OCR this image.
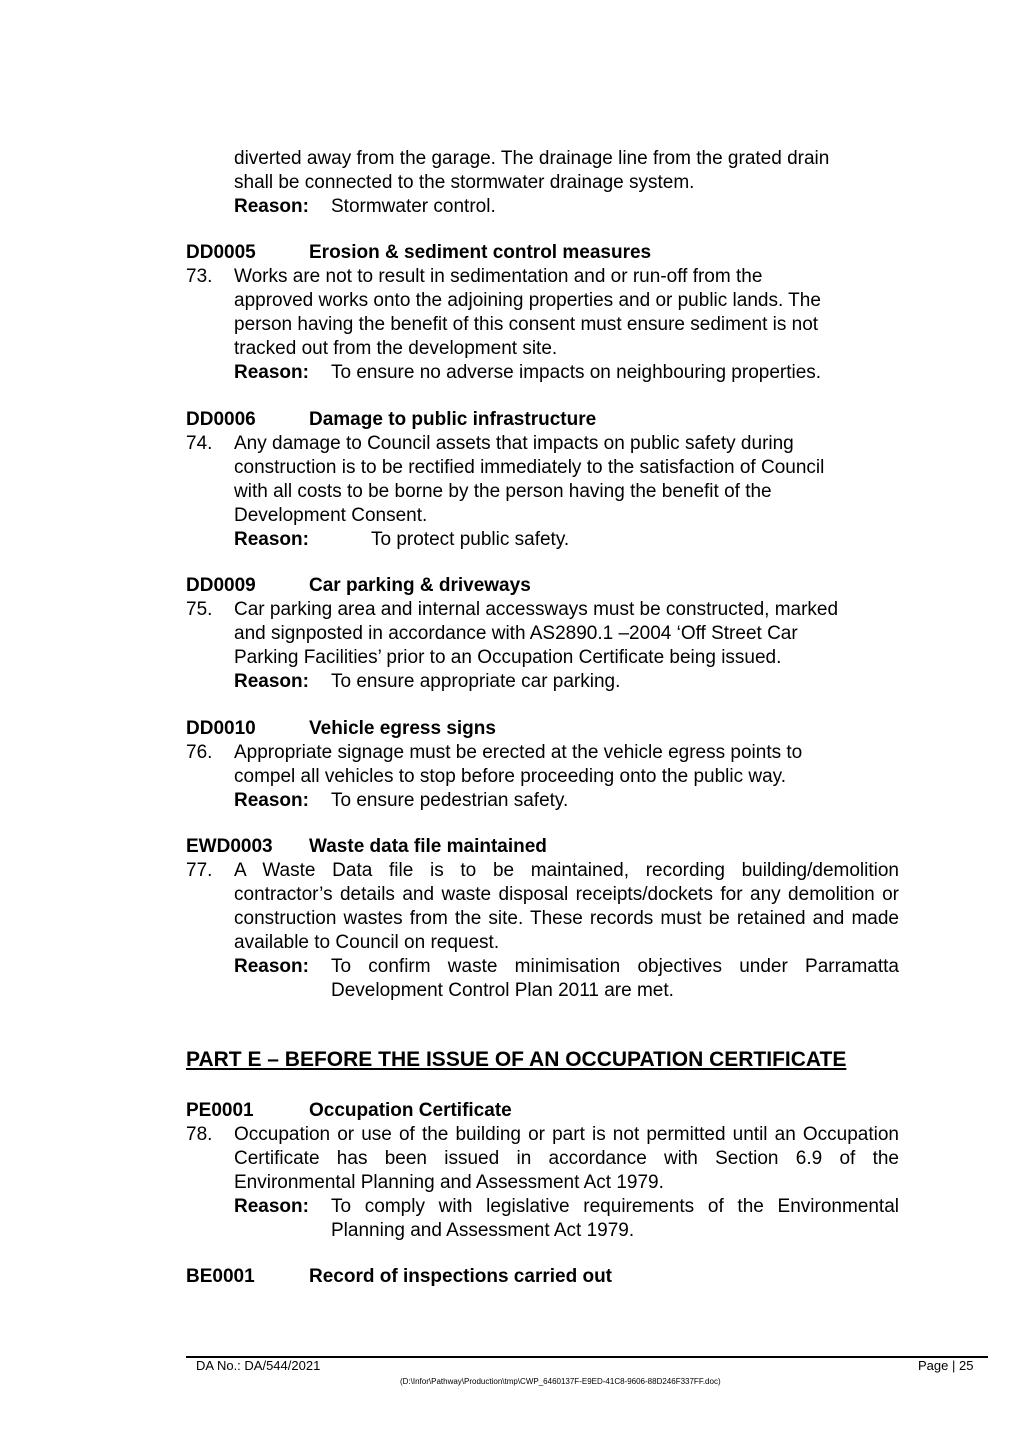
diverted away from the garage. The drainage line from the grated drain
shall be connected to the stormwater drainage system.
Reason: Stormwater control.
DD0005	Erosion & sediment control measures
73. Works are not to result in sedimentation and or run-off from the
approved works onto the adjoining properties and or public lands. The
person having the benefit of this consent must ensure sediment is not
tracked out from the development site.
Reason: To ensure no adverse impacts on neighbouring properties.
DD0006	Damage to public infrastructure
74. Any damage to Council assets that impacts on public safety during
construction is to be rectified immediately to the satisfaction of Council
with all costs to be borne by the person having the benefit of the
Development Consent.
Reason:	To protect public safety.
DD0009	Car parking & driveways
75. Car parking area and internal accessways must be constructed, marked
and signposted in accordance with AS2890.1 –2004 ‘Off Street Car
Parking Facilities’ prior to an Occupation Certificate being issued.
Reason: To ensure appropriate car parking.
DD0010	Vehicle egress signs
76. Appropriate signage must be erected at the vehicle egress points to
compel all vehicles to stop before proceeding onto the public way.
Reason: To ensure pedestrian safety.
EWD0003 Waste data file maintained
77. A Waste Data file is to be maintained, recording building/demolition contractor’s details and waste disposal receipts/dockets for any demolition or construction wastes from the site. These records must be retained and made available to Council on request.
Reason: To confirm waste minimisation objectives under Parramatta Development Control Plan 2011 are met.
PART E – BEFORE THE ISSUE OF AN OCCUPATION CERTIFICATE
PE0001	Occupation Certificate
78. Occupation or use of the building or part is not permitted until an Occupation Certificate has been issued in accordance with Section 6.9 of the Environmental Planning and Assessment Act 1979.
Reason: To comply with legislative requirements of the Environmental Planning and Assessment Act 1979.
BE0001	Record of inspections carried out
DA No.: DA/544/2021	Page | 25
(D:\Infor\Pathway\Production\tmp\CWP_6460137F-E9ED-41C8-9606-88D246F337FF.doc)
